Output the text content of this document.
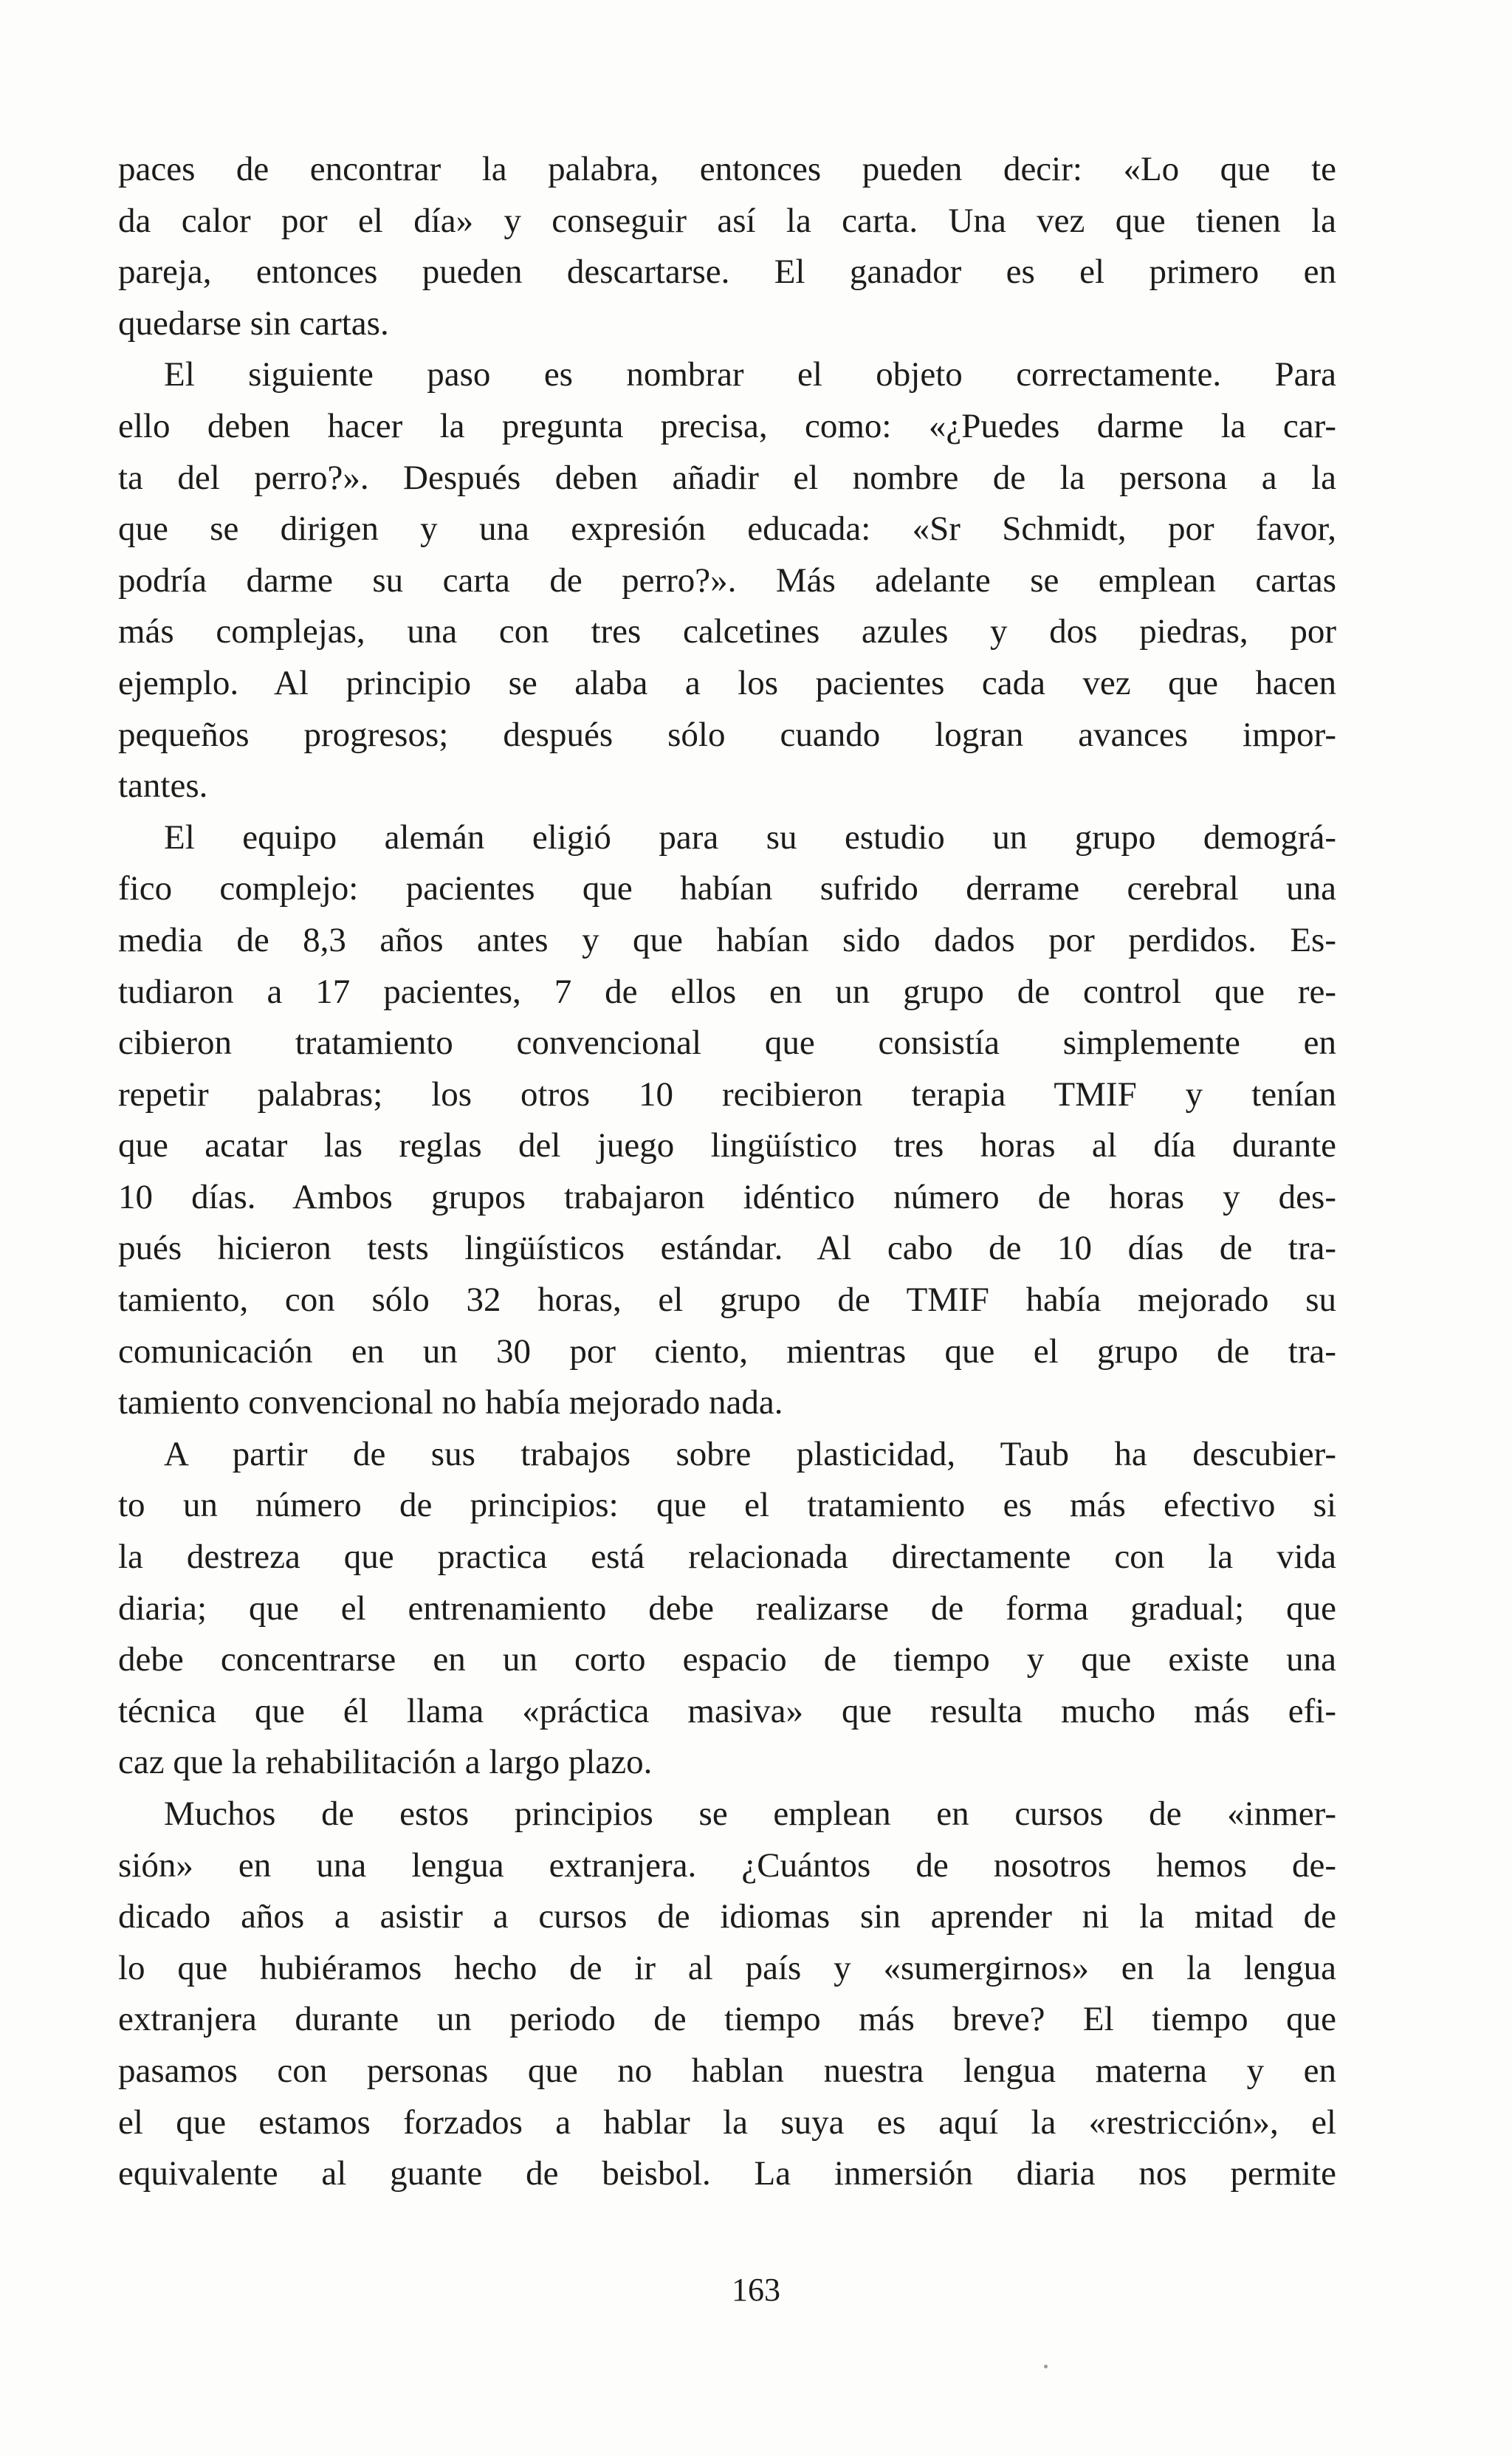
paces de encontrar la palabra, entonces pueden decir: «Lo que te
da calor por el día» y conseguir así la carta. Una vez que tienen la
pareja, entonces pueden descartarse. El ganador es el primero en
quedarse sin cartas.
El siguiente paso es nombrar el objeto correctamente. Para
ello deben hacer la pregunta precisa, como: «¿Puedes darme la car-
ta del perro?». Después deben añadir el nombre de la persona a la
que se dirigen y una expresión educada: «Sr Schmidt, por favor,
podría darme su carta de perro?». Más adelante se emplean cartas
más complejas, una con tres calcetines azules y dos piedras, por
ejemplo. Al principio se alaba a los pacientes cada vez que hacen
pequeños progresos; después sólo cuando logran avances impor-
tantes.
El equipo alemán eligió para su estudio un grupo demográ-
fico complejo: pacientes que habían sufrido derrame cerebral una
media de 8,3 años antes y que habían sido dados por perdidos. Es-
tudiaron a 17 pacientes, 7 de ellos en un grupo de control que re-
cibieron tratamiento convencional que consistía simplemente en
repetir palabras; los otros 10 recibieron terapia TMIF y tenían
que acatar las reglas del juego lingüístico tres horas al día durante
10 días. Ambos grupos trabajaron idéntico número de horas y des-
pués hicieron tests lingüísticos estándar. Al cabo de 10 días de tra-
tamiento, con sólo 32 horas, el grupo de TMIF había mejorado su
comunicación en un 30 por ciento, mientras que el grupo de tra-
tamiento convencional no había mejorado nada.
A partir de sus trabajos sobre plasticidad, Taub ha descubier-
to un número de principios: que el tratamiento es más efectivo si
la destreza que practica está relacionada directamente con la vida
diaria; que el entrenamiento debe realizarse de forma gradual; que
debe concentrarse en un corto espacio de tiempo y que existe una
técnica que él llama «práctica masiva» que resulta mucho más efi-
caz que la rehabilitación a largo plazo.
Muchos de estos principios se emplean en cursos de «inmer-
sión» en una lengua extranjera. ¿Cuántos de nosotros hemos de-
dicado años a asistir a cursos de idiomas sin aprender ni la mitad de
lo que hubiéramos hecho de ir al país y «sumergirnos» en la lengua
extranjera durante un periodo de tiempo más breve? El tiempo que
pasamos con personas que no hablan nuestra lengua materna y en
el que estamos forzados a hablar la suya es aquí la «restricción», el
equivalente al guante de beisbol. La inmersión diaria nos permite
163
